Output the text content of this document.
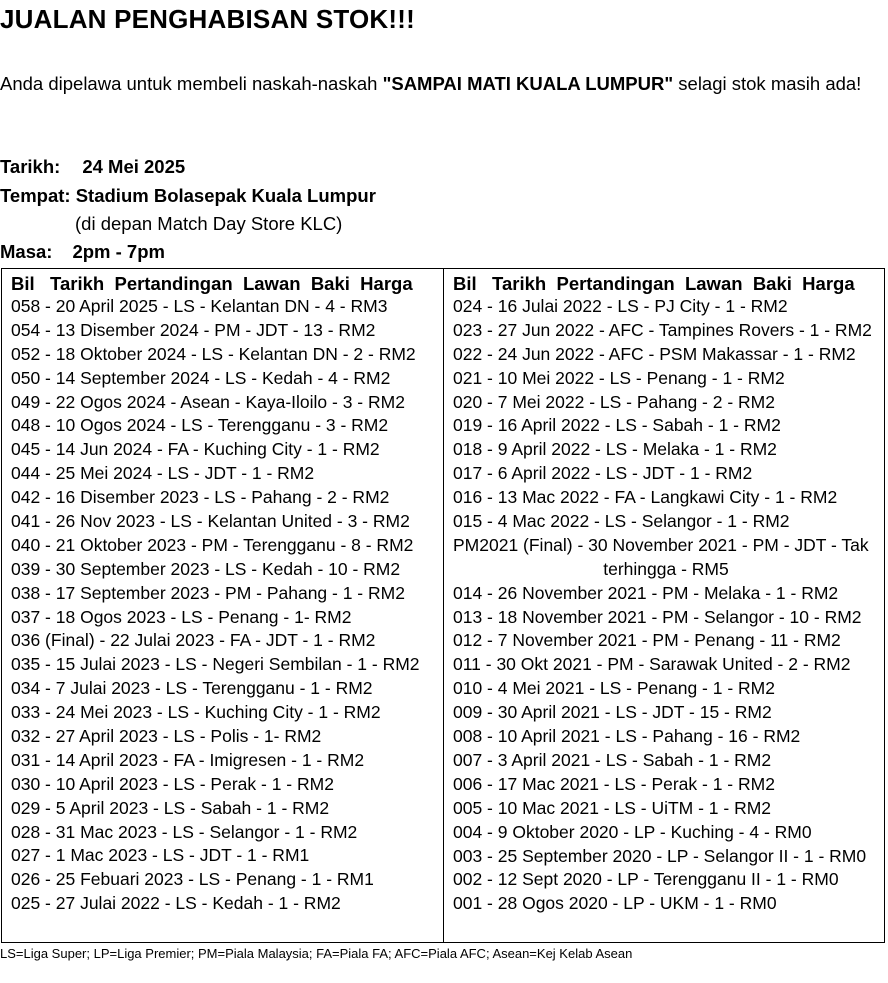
JUALAN PENGHABISAN STOK!!!
Anda dipelawa untuk membeli naskah-naskah "SAMPAI MATI KUALA LUMPUR" selagi stok masih ada!
Tarikh: 24 Mei 2025
Tempat: Stadium Bolasepak Kuala Lumpur
(di depan Match Day Store KLC)
Masa: 2pm - 7pm
Bil   Tarikh  Pertandingan  Lawan  Baki  Harga
058 - 20 April 2025 - LS - Kelantan DN - 4 - RM3
054 - 13 Disember 2024 - PM - JDT - 13 - RM2
052 - 18 Oktober 2024 - LS - Kelantan DN - 2 - RM2
050 - 14 September 2024 - LS - Kedah - 4 - RM2
049 - 22 Ogos 2024 - Asean - Kaya-Iloilo - 3 - RM2
048 - 10 Ogos 2024 - LS - Terengganu - 3 - RM2
045 - 14 Jun 2024 - FA - Kuching City - 1 - RM2
044 - 25 Mei 2024 - LS - JDT - 1 - RM2
042 - 16 Disember 2023 - LS - Pahang - 2 - RM2
041 - 26 Nov 2023 - LS - Kelantan United - 3 - RM2
040 - 21 Oktober 2023 - PM - Terengganu - 8 - RM2
039 - 30 September 2023 - LS - Kedah - 10 - RM2
038 - 17 September 2023 - PM - Pahang - 1 - RM2
037 - 18 Ogos 2023 - LS - Penang - 1- RM2
036 (Final) - 22 Julai 2023 - FA - JDT - 1 - RM2
035 - 15 Julai 2023 - LS - Negeri Sembilan - 1 - RM2
034 - 7 Julai 2023 - LS - Terengganu - 1 - RM2
033 - 24 Mei 2023 - LS - Kuching City - 1 - RM2
032 - 27 April 2023 - LS - Polis - 1- RM2
031 - 14 April 2023 - FA - Imigresen - 1 - RM2
030 - 10 April 2023 - LS - Perak - 1 - RM2
029 - 5 April 2023 - LS - Sabah - 1 - RM2
028 - 31 Mac 2023 - LS - Selangor - 1 - RM2
027 - 1 Mac 2023 - LS - JDT - 1 - RM1
026 - 25 Febuari 2023 - LS - Penang - 1 - RM1
025 - 27 Julai 2022 - LS - Kedah - 1 - RM2
Bil   Tarikh  Pertandingan  Lawan  Baki  Harga
024 - 16 Julai 2022 - LS - PJ City - 1 - RM2
023 - 27 Jun 2022 - AFC - Tampines Rovers - 1 - RM2
022 - 24 Jun 2022 - AFC - PSM Makassar - 1 - RM2
021 - 10 Mei 2022 - LS - Penang - 1 - RM2
020 - 7 Mei 2022 - LS - Pahang - 2 - RM2
019 - 16 April 2022 - LS - Sabah - 1 - RM2
018 - 9 April 2022 - LS - Melaka - 1 - RM2
017 - 6 April 2022 - LS - JDT - 1 - RM2
016 - 13 Mac 2022 - FA - Langkawi City - 1 - RM2
015 - 4 Mac 2022 - LS - Selangor - 1 - RM2
PM2021 (Final) - 30 November 2021 - PM - JDT - Tak
terhingga - RM5
014 - 26 November 2021 - PM - Melaka - 1 - RM2
013 - 18 November 2021 - PM - Selangor - 10 - RM2
012 - 7 November 2021 - PM - Penang - 11 - RM2
011 - 30 Okt 2021 - PM - Sarawak United - 2 - RM2
010 - 4 Mei 2021 - LS - Penang - 1 - RM2
009 - 30 April 2021 - LS - JDT - 15 - RM2
008 - 10 April 2021 - LS - Pahang - 16 - RM2
007 - 3 April 2021 - LS - Sabah - 1 - RM2
006 - 17 Mac 2021 - LS - Perak - 1 - RM2
005 - 10 Mac 2021 - LS - UiTM - 1 - RM2
004 - 9 Oktober 2020 - LP - Kuching - 4 - RM0
003 - 25 September 2020 - LP - Selangor II - 1 - RM0
002 - 12 Sept 2020 - LP - Terengganu II - 1 - RM0
001 - 28 Ogos 2020 - LP - UKM - 1 - RM0
LS=Liga Super; LP=Liga Premier; PM=Piala Malaysia; FA=Piala FA; AFC=Piala AFC; Asean=Kej Kelab Asean
